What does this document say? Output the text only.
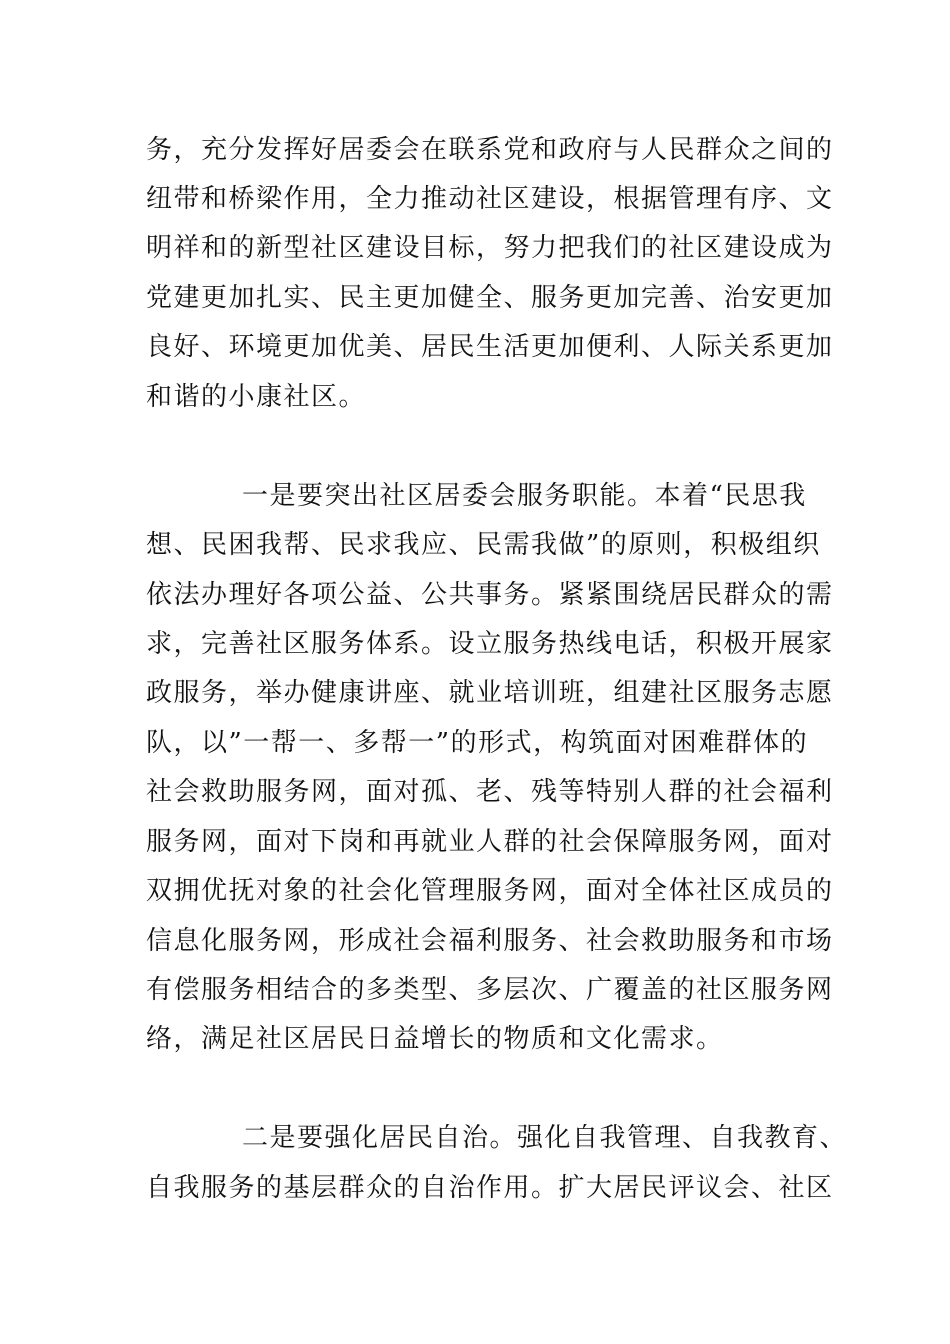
务，充分发挥好居委会在联系党和政府与人民群众之间的
纽带和桥梁作用，全力推动社区建设，根据管理有序、文
明祥和的新型社区建设目标，努力把我们的社区建设成为
党建更加扎实、民主更加健全、服务更加完善、治安更加
良好、环境更加优美、居民生活更加便利、人际关系更加
和谐的小康社区。
一是要突出社区居委会服务职能。本着“民思我
想、民困我帮、民求我应、民需我做”的原则，积极组织
依法办理好各项公益、公共事务。紧紧围绕居民群众的需
求，完善社区服务体系。设立服务热线电话，积极开展家
政服务，举办健康讲座、就业培训班，组建社区服务志愿
队，以”一帮一、多帮一”的形式，构筑面对困难群体的
社会救助服务网，面对孤、老、残等特别人群的社会福利
服务网，面对下岗和再就业人群的社会保障服务网，面对
双拥优抚对象的社会化管理服务网，面对全体社区成员的
信息化服务网，形成社会福利服务、社会救助服务和市场
有偿服务相结合的多类型、多层次、广覆盖的社区服务网
络，满足社区居民日益增长的物质和文化需求。
二是要强化居民自治。强化自我管理、自我教育、
自我服务的基层群众的自治作用。扩大居民评议会、社区
